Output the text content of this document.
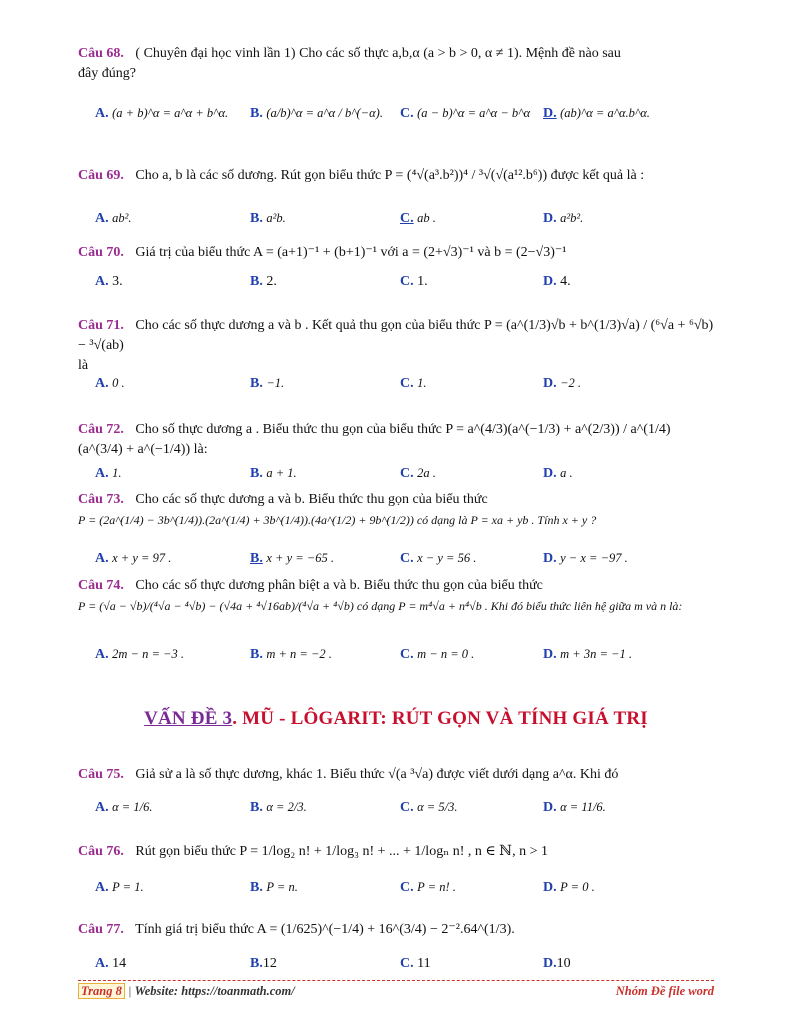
Câu 68. ( Chuyên đại học vinh lần 1) Cho các số thực a,b,α (a > b > 0, α ≠ 1). Mệnh đề nào sau
đây đúng?
A. (a + b)^α = a^α + b^α. B. (a/b)^α = a^α / b^(−α). C. (a − b)^α = a^α − b^α D. (ab)^α = a^α.b^α.
Câu 69. Cho a, b là các số dương. Rút gọn biểu thức P = (⁴√(a³.b²))⁴ / ³√(√(a¹².b⁶)) được kết quả là :
A. ab².	B. a²b.	C. ab .	D. a²b².
Câu 70. Giá trị của biểu thức A = (a+1)⁻¹ + (b+1)⁻¹ với a = (2+√3)⁻¹ và b = (2−√3)⁻¹
A. 3.	B. 2.	C. 1.	D. 4.
Câu 71. Cho các số thực dương a và b . Kết quả thu gọn của biểu thức P = (a^(1/3)√b + b^(1/3)√a) / (⁶√a + ⁶√b) − ³√(ab)
là
A. 0 .	B. −1.	C. 1.	D. −2 .
Câu 72. Cho số thực dương a . Biểu thức thu gọn của biểu thức P = a^(4/3)(a^(−1/3) + a^(2/3)) / a^(1/4)(a^(3/4) + a^(−1/4)) là:
A. 1.	B. a + 1.	C. 2a .	D. a .
Câu 73. Cho các số thực dương a và b. Biểu thức thu gọn của biểu thức
P = (2a^(1/4) − 3b^(1/4)).(2a^(1/4) + 3b^(1/4)).(4a^(1/2) + 9b^(1/2)) có dạng là P = xa + yb . Tính x + y ?
A. x + y = 97 .	B. x + y = −65 .	C. x − y = 56 .	D. y − x = −97 .
Câu 74. Cho các số thực dương phân biệt a và b. Biểu thức thu gọn của biểu thức
P = (√a − √b)/(⁴√a − ⁴√b) − (√4a + ⁴√16ab)/(⁴√a + ⁴√b) có dạng P = m⁴√a + n⁴√b . Khi đó biểu thức liên hệ giữa m và n là:
A. 2m − n = −3 .	B. m + n = −2 .	C. m − n = 0 .	D. m + 3n = −1 .
VẤN ĐỀ 3. MŨ - LÔGARIT: RÚT GỌN VÀ TÍNH GIÁ TRỊ
Câu 75. Giả sử a là số thực dương, khác 1. Biểu thức √(a ³√a) được viết dưới dạng a^α. Khi đó
A. α = 1/6.	B. α = 2/3.	C. α = 5/3.	D. α = 11/6.
Câu 76. Rút gọn biểu thức P = 1/log₂ n! + 1/log₃ n! + ... + 1/logₙ n! , n ∈ ℕ, n > 1
A. P = 1.	B. P = n.	C. P = n! .	D. P = 0 .
Câu 77. Tính giá trị biểu thức A = (1/625)^(−1/4) + 16^(3/4) − 2⁻².64^(1/3).
A. 14	B.12	C. 11	D.10
Trang 8 | Website: https://toanmath.com/	Nhóm Đề file word
